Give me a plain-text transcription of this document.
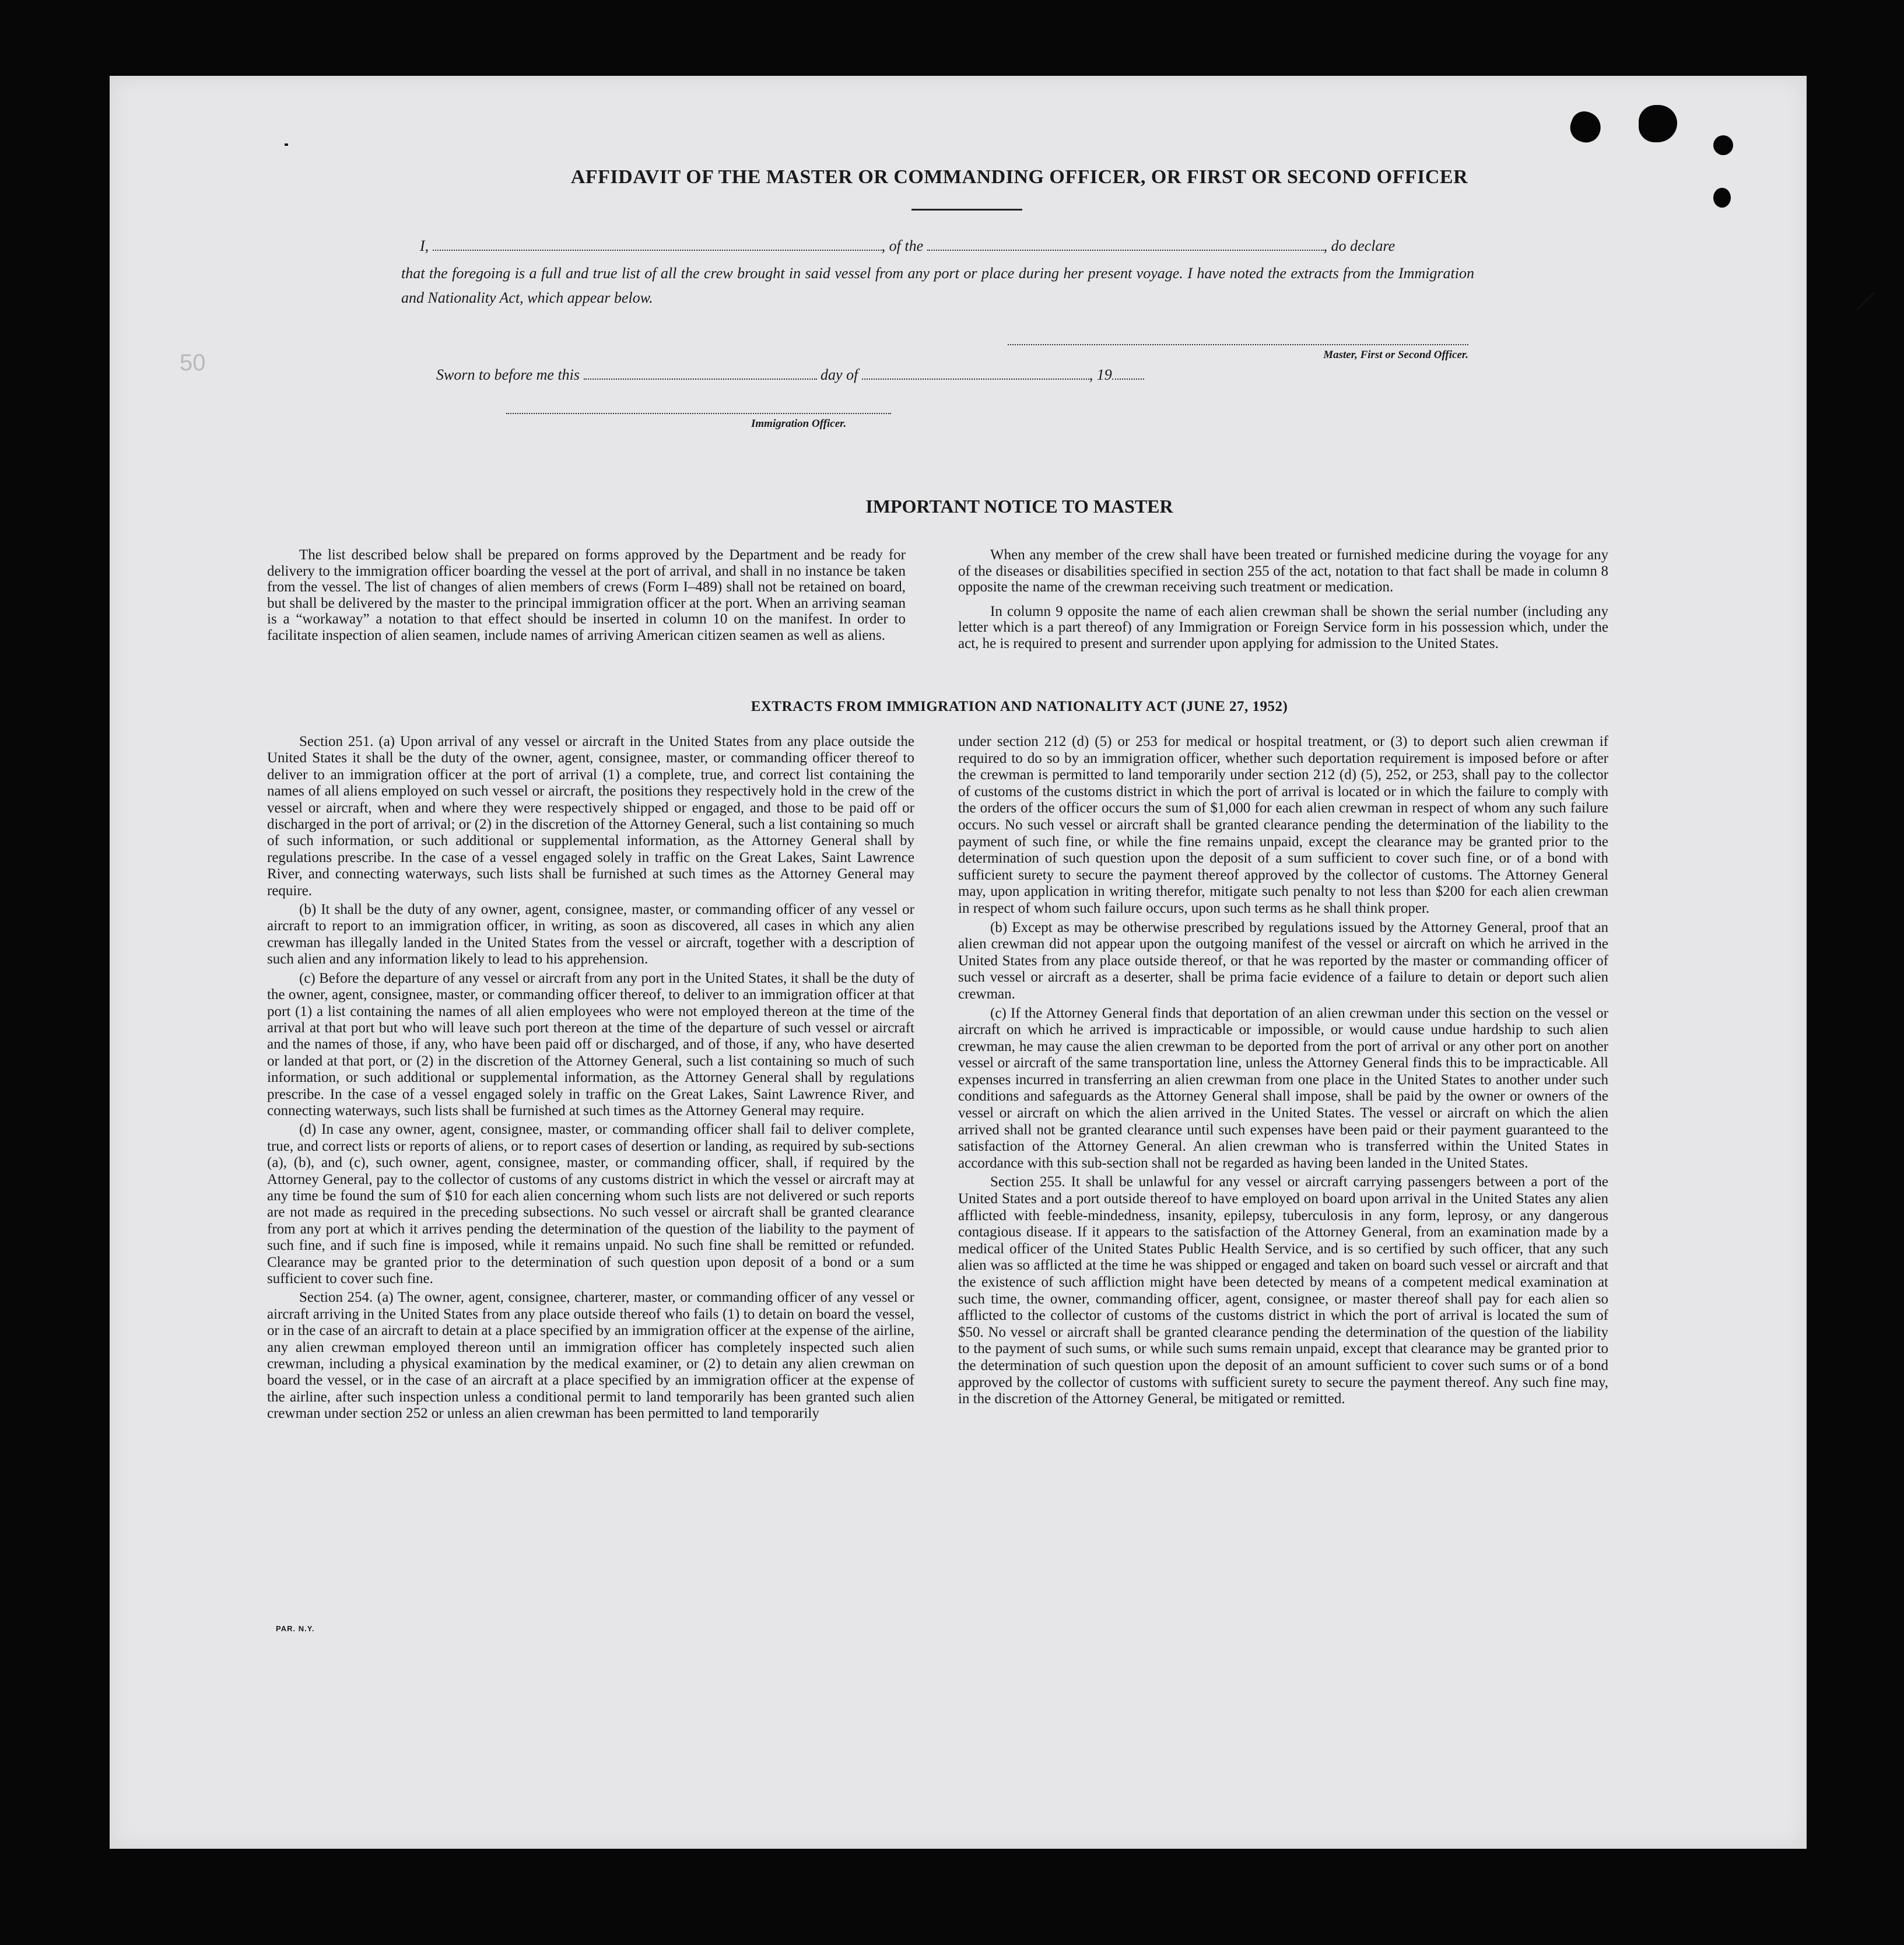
50
AFFIDAVIT OF THE MASTER OR COMMANDING OFFICER, OR FIRST OR SECOND OFFICER
I,	, of the	, do declare
that the foregoing is a full and true list of all the crew brought in said vessel from any port or place during her present voyage. I have noted the extracts from the Immigration and Nationality Act, which appear below.
Master, First or Second Officer.
Sworn to before me this	day of	, 19
Immigration Officer.
IMPORTANT NOTICE TO MASTER

The list described below shall be prepared on forms approved by the Department and be ready for delivery to the immigration officer boarding the vessel at the port of arrival, and shall in no instance be taken from the vessel. The list of changes of alien members of crews (Form I–489) shall not be retained on board, but shall be delivered by the master to the principal immigration officer at the port. When an arriving seaman is a “workaway” a notation to that effect should be inserted in column 10 on the manifest. In order to facilitate inspection of alien seamen, include names of arriving American citizen seamen as well as aliens.

When any member of the crew shall have been treated or furnished medicine during the voyage for any of the diseases or disabilities specified in section 255 of the act, notation to that fact shall be made in column 8 opposite the name of the crewman receiving such treatment or medication.

In column 9 opposite the name of each alien crewman shall be shown the serial number (including any letter which is a part thereof) of any Immigration or Foreign Service form in his possession which, under the act, he is required to present and surrender upon applying for admission to the United States.

EXTRACTS FROM IMMIGRATION AND NATIONALITY ACT (JUNE 27, 1952)

Section 251. (a) Upon arrival of any vessel or aircraft in the United States from any place outside the United States it shall be the duty of the owner, agent, consignee, master, or commanding officer thereof to deliver to an immigration officer at the port of arrival (1) a complete, true, and correct list containing the names of all aliens employed on such vessel or aircraft, the positions they respectively hold in the crew of the vessel or aircraft, when and where they were respectively shipped or engaged, and those to be paid off or discharged in the port of arrival; or (2) in the discretion of the Attorney General, such a list containing so much of such information, or such additional or supplemental information, as the Attorney General shall by regulations prescribe. In the case of a vessel engaged solely in traffic on the Great Lakes, Saint Lawrence River, and connecting waterways, such lists shall be furnished at such times as the Attorney General may require.

(b) It shall be the duty of any owner, agent, consignee, master, or commanding officer of any vessel or aircraft to report to an immigration officer, in writing, as soon as discovered, all cases in which any alien crewman has illegally landed in the United States from the vessel or aircraft, together with a description of such alien and any information likely to lead to his apprehension.

(c) Before the departure of any vessel or aircraft from any port in the United States, it shall be the duty of the owner, agent, consignee, master, or commanding officer thereof, to deliver to an immigration officer at that port (1) a list containing the names of all alien employees who were not employed thereon at the time of the arrival at that port but who will leave such port thereon at the time of the departure of such vessel or aircraft and the names of those, if any, who have been paid off or discharged, and of those, if any, who have deserted or landed at that port, or (2) in the discretion of the Attorney General, such a list containing so much of such information, or such additional or supplemental information, as the Attorney General shall by regulations prescribe. In the case of a vessel engaged solely in traffic on the Great Lakes, Saint Lawrence River, and connecting waterways, such lists shall be furnished at such times as the Attorney General may require.

(d) In case any owner, agent, consignee, master, or commanding officer shall fail to deliver complete, true, and correct lists or reports of aliens, or to report cases of desertion or landing, as required by sub-sections (a), (b), and (c), such owner, agent, consignee, master, or commanding officer, shall, if required by the Attorney General, pay to the collector of customs of any customs district in which the vessel or aircraft may at any time be found the sum of $10 for each alien concerning whom such lists are not delivered or such reports are not made as required in the preceding subsections. No such vessel or aircraft shall be granted clearance from any port at which it arrives pending the determination of the question of the liability to the payment of such fine, and if such fine is imposed, while it remains unpaid. No such fine shall be remitted or refunded. Clearance may be granted prior to the determination of such question upon deposit of a bond or a sum sufficient to cover such fine.

Section 254. (a) The owner, agent, consignee, charterer, master, or commanding officer of any vessel or aircraft arriving in the United States from any place outside thereof who fails (1) to detain on board the vessel, or in the case of an aircraft to detain at a place specified by an immigration officer at the expense of the airline, any alien crewman employed thereon until an immigration officer has completely inspected such alien crewman, including a physical examination by the medical examiner, or (2) to detain any alien crewman on board the vessel, or in the case of an aircraft at a place specified by an immigration officer at the expense of the airline, after such inspection unless a conditional permit to land temporarily has been granted such alien crewman under section 252 or unless an alien crewman has been permitted to land temporarily

under section 212 (d) (5) or 253 for medical or hospital treatment, or (3) to deport such alien crewman if required to do so by an immigration officer, whether such deportation requirement is imposed before or after the crewman is permitted to land temporarily under section 212 (d) (5), 252, or 253, shall pay to the collector of customs of the customs district in which the port of arrival is located or in which the failure to comply with the orders of the officer occurs the sum of $1,000 for each alien crewman in respect of whom any such failure occurs. No such vessel or aircraft shall be granted clearance pending the determination of the liability to the payment of such fine, or while the fine remains unpaid, except the clearance may be granted prior to the determination of such question upon the deposit of a sum sufficient to cover such fine, or of a bond with sufficient surety to secure the payment thereof approved by the collector of customs. The Attorney General may, upon application in writing therefor, mitigate such penalty to not less than $200 for each alien crewman in respect of whom such failure occurs, upon such terms as he shall think proper.

(b) Except as may be otherwise prescribed by regulations issued by the Attorney General, proof that an alien crewman did not appear upon the outgoing manifest of the vessel or aircraft on which he arrived in the United States from any place outside thereof, or that he was reported by the master or commanding officer of such vessel or aircraft as a deserter, shall be prima facie evidence of a failure to detain or deport such alien crewman.

(c) If the Attorney General finds that deportation of an alien crewman under this section on the vessel or aircraft on which he arrived is impracticable or impossible, or would cause undue hardship to such alien crewman, he may cause the alien crewman to be deported from the port of arrival or any other port on another vessel or aircraft of the same transportation line, unless the Attorney General finds this to be impracticable. All expenses incurred in transferring an alien crewman from one place in the United States to another under such conditions and safeguards as the Attorney General shall impose, shall be paid by the owner or owners of the vessel or aircraft on which the alien arrived in the United States. The vessel or aircraft on which the alien arrived shall not be granted clearance until such expenses have been paid or their payment guaranteed to the satisfaction of the Attorney General. An alien crewman who is transferred within the United States in accordance with this sub-section shall not be regarded as having been landed in the United States.

Section 255. It shall be unlawful for any vessel or aircraft carrying passengers between a port of the United States and a port outside thereof to have employed on board upon arrival in the United States any alien afflicted with feeble-mindedness, insanity, epilepsy, tuberculosis in any form, leprosy, or any dangerous contagious disease. If it appears to the satisfaction of the Attorney General, from an examination made by a medical officer of the United States Public Health Service, and is so certified by such officer, that any such alien was so afflicted at the time he was shipped or engaged and taken on board such vessel or aircraft and that the existence of such affliction might have been detected by means of a competent medical examination at such time, the owner, commanding officer, agent, consignee, or master thereof shall pay for each alien so afflicted to the collector of customs of the customs district in which the port of arrival is located the sum of $50. No vessel or aircraft shall be granted clearance pending the determination of the question of the liability to the payment of such sums, or while such sums remain unpaid, except that clearance may be granted prior to the determination of such question upon the deposit of an amount sufficient to cover such sums or of a bond approved by the collector of customs with sufficient surety to secure the payment thereof. Any such fine may, in the discretion of the Attorney General, be mitigated or remitted.

PAR. N.Y.
